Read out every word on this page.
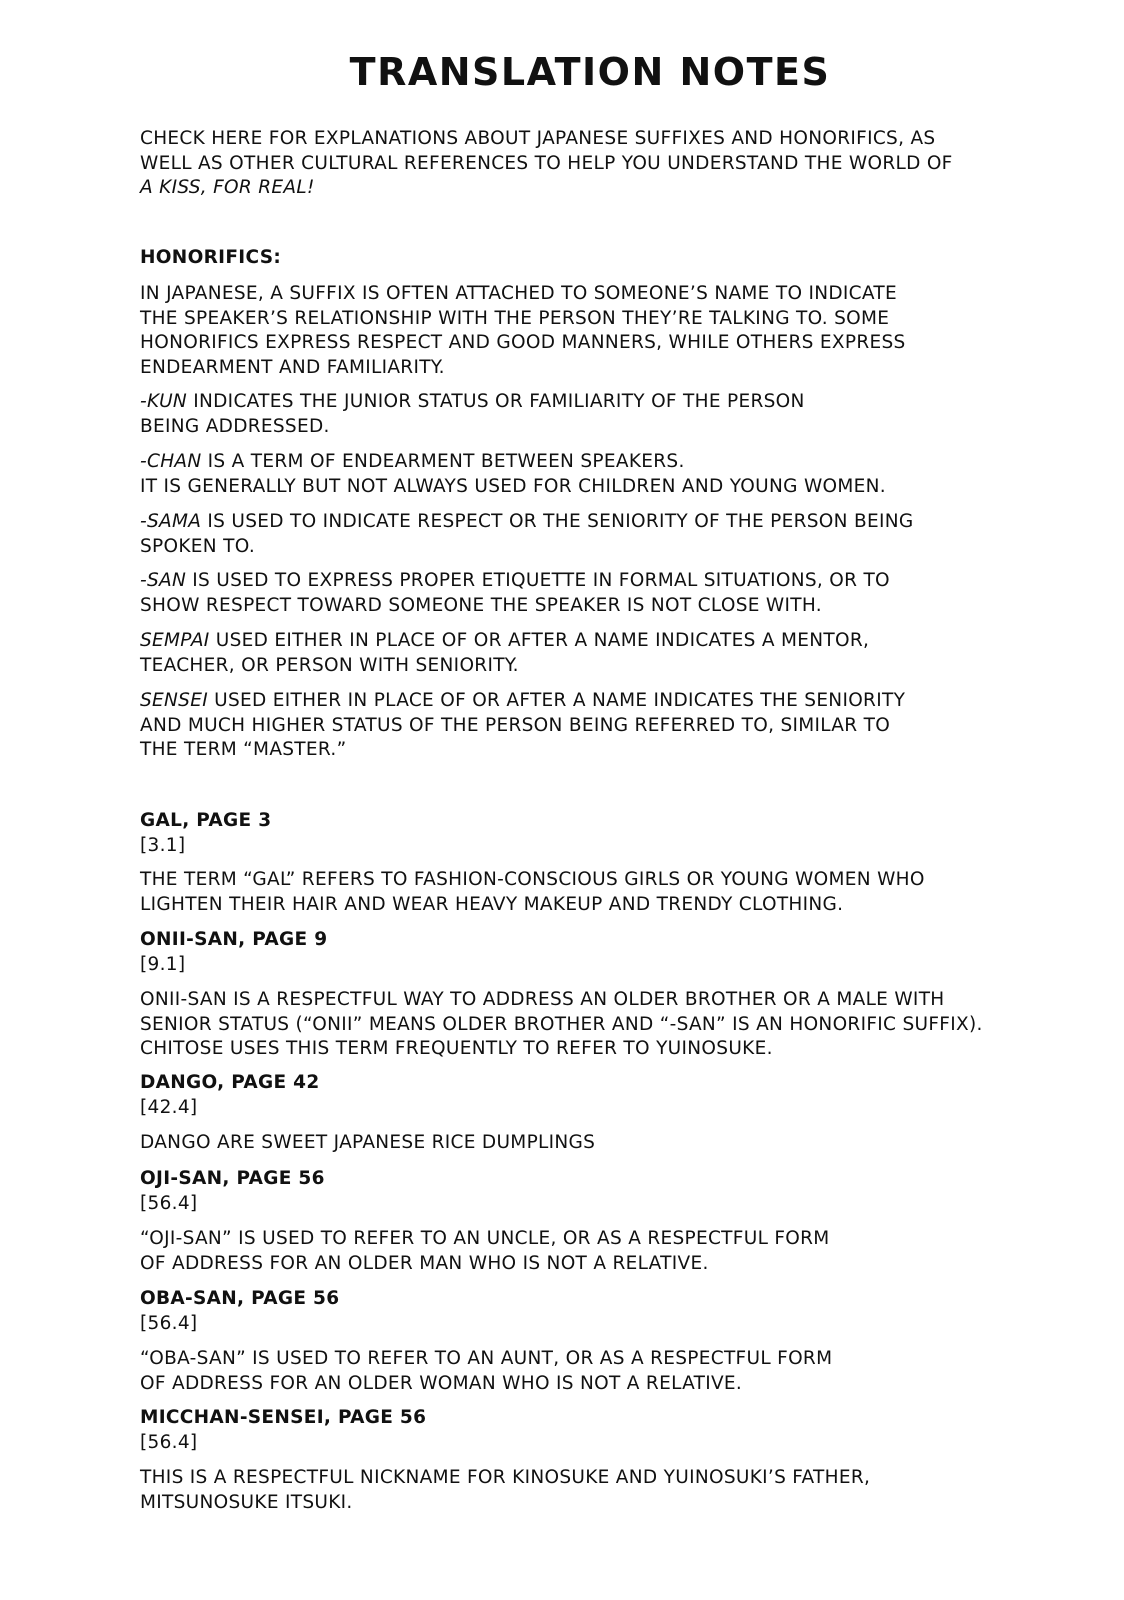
TRANSLATION NOTES
CHECK HERE FOR EXPLANATIONS ABOUT JAPANESE SUFFIXES AND HONORIFICS, AS
WELL AS OTHER CULTURAL REFERENCES TO HELP YOU UNDERSTAND THE WORLD OF
A KISS, FOR REAL!
HONORIFICS:
IN JAPANESE, A SUFFIX IS OFTEN ATTACHED TO SOMEONE’S NAME TO INDICATE
THE SPEAKER’S RELATIONSHIP WITH THE PERSON THEY’RE TALKING TO. SOME
HONORIFICS EXPRESS RESPECT AND GOOD MANNERS, WHILE OTHERS EXPRESS
ENDEARMENT AND FAMILIARITY.
-KUN INDICATES THE JUNIOR STATUS OR FAMILIARITY OF THE PERSON
BEING ADDRESSED.
-CHAN IS A TERM OF ENDEARMENT BETWEEN SPEAKERS.
IT IS GENERALLY BUT NOT ALWAYS USED FOR CHILDREN AND YOUNG WOMEN.
-SAMA IS USED TO INDICATE RESPECT OR THE SENIORITY OF THE PERSON BEING
SPOKEN TO.
-SAN IS USED TO EXPRESS PROPER ETIQUETTE IN FORMAL SITUATIONS, OR TO
SHOW RESPECT TOWARD SOMEONE THE SPEAKER IS NOT CLOSE WITH.
SEMPAI USED EITHER IN PLACE OF OR AFTER A NAME INDICATES A MENTOR,
TEACHER, OR PERSON WITH SENIORITY.
SENSEI USED EITHER IN PLACE OF OR AFTER A NAME INDICATES THE SENIORITY
AND MUCH HIGHER STATUS OF THE PERSON BEING REFERRED TO, SIMILAR TO
THE TERM “MASTER.”
GAL, PAGE 3
[3.1]
THE TERM “GAL” REFERS TO FASHION-CONSCIOUS GIRLS OR YOUNG WOMEN WHO
LIGHTEN THEIR HAIR AND WEAR HEAVY MAKEUP AND TRENDY CLOTHING.
ONII-SAN, PAGE 9
[9.1]
ONII-SAN IS A RESPECTFUL WAY TO ADDRESS AN OLDER BROTHER OR A MALE WITH
SENIOR STATUS (“ONII” MEANS OLDER BROTHER AND “-SAN” IS AN HONORIFIC SUFFIX).
CHITOSE USES THIS TERM FREQUENTLY TO REFER TO YUINOSUKE.
DANGO, PAGE 42
[42.4]
DANGO ARE SWEET JAPANESE RICE DUMPLINGS
OJI-SAN, PAGE 56
[56.4]
“OJI-SAN” IS USED TO REFER TO AN UNCLE, OR AS A RESPECTFUL FORM
OF ADDRESS FOR AN OLDER MAN WHO IS NOT A RELATIVE.
OBA-SAN, PAGE 56
[56.4]
“OBA-SAN” IS USED TO REFER TO AN AUNT, OR AS A RESPECTFUL FORM
OF ADDRESS FOR AN OLDER WOMAN WHO IS NOT A RELATIVE.
MICCHAN-SENSEI, PAGE 56
[56.4]
THIS IS A RESPECTFUL NICKNAME FOR KINOSUKE AND YUINOSUKI’S FATHER,
MITSUNOSUKE ITSUKI.
